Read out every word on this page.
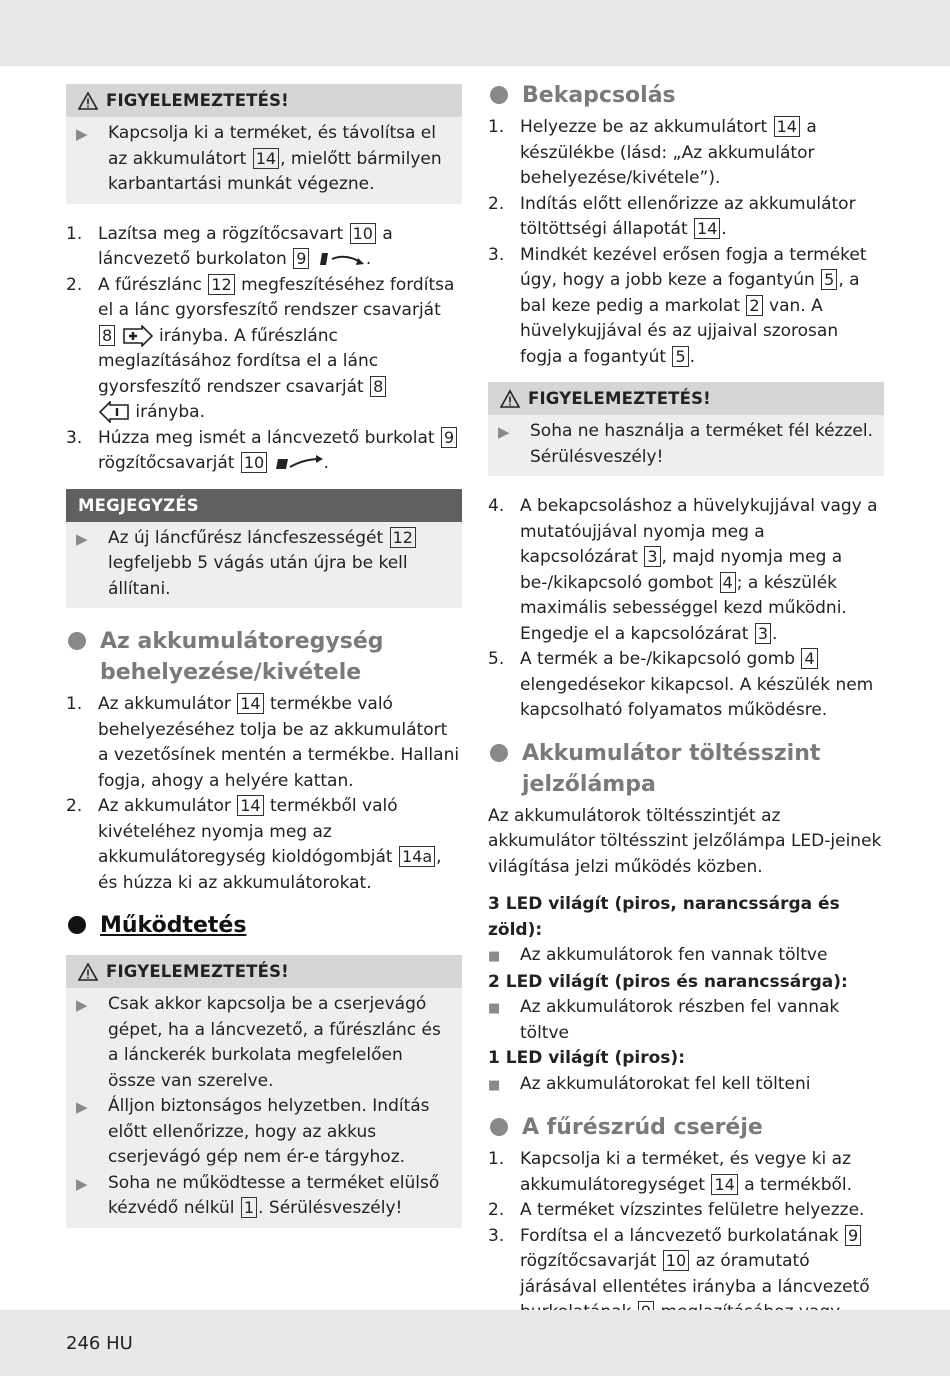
FIGYELEMEZTETÉS!
▶	Kapcsolja ki a terméket, és távolítsa el az akkumulátort 14 , mielőtt bármilyen karbantartási munkát végezne.
1. Lazítsa meg a rögzítőcsavart 10 a láncvezető burkolaton 9	.
2. A fűrészlánc 12 megfeszítéséhez fordítsa el a lánc gyorsfeszítő rendszer csavarját 8  irányba. A fűrészlánc meglazításához fordítsa el a lánc gyorsfeszítő rendszer csavarját 8
irányba.
3. Húzza meg ismét a láncvezető burkolat 9 rögzítőcsavarját 10	.
MEGJEGYZÉS
▶	Az új láncfűrész láncfeszességét 12 legfeljebb 5 vágás után újra be kell állítani.
Az akkumulátoregység behelyezése/kivétele
1. Az akkumulátor 14 termékbe való behelyezéséhez tolja be az akkumulátort a vezetősínek mentén a termékbe. Hallani fogja, ahogy a helyére kattan.
2. Az akkumulátor 14 termékből való kivételéhez nyomja meg az akkumulátoregység kioldógombját 14a , és húzza ki az akkumulátorokat.
Működtetés
FIGYELEMEZTETÉS!
▶	Csak akkor kapcsolja be a cserjevágó gépet, ha a láncvezető, a fűrészlánc és a lánckerék burkolata megfelelően össze van szerelve.
▶	Álljon biztonságos helyzetben. Indítás előtt ellenőrizze, hogy az akkus cserjevágó gép nem ér-e tárgyhoz.
▶	Soha ne működtesse a terméket elülső kézvédő nélkül 1 . Sérülésveszély!
Bekapcsolás
1. Helyezze be az akkumulátort 14 a készülékbe (lásd: „Az akkumulátor behelyezése/kivétele”).
2. Indítás előtt ellenőrizze az akkumulátor töltöttségi állapotát 14 .
3. Mindkét kezével erősen fogja a terméket úgy, hogy a jobb keze a fogantyún 5 , a bal keze pedig a markolat 2 van. A hüvelykujjával és az ujjaival szorosan fogja a fogantyút 5 .
FIGYELEMEZTETÉS!
▶	Soha ne használja a terméket fél kézzel. Sérülésveszély!
4. A bekapcsoláshoz a hüvelykujjával vagy a mutatóujjával nyomja meg a kapcsolózárat 3 , majd nyomja meg a be-/kikapcsoló gombot 4 ; a készülék maximális sebességgel kezd működni. Engedje el a kapcsolózárat 3 .
5. A termék a be-/kikapcsoló gomb 4 elengedésekor kikapcsol. A készülék nem kapcsolható folyamatos működésre.
Akkumulátor töltésszint jelzőlámpa

Az akkumulátorok töltésszintjét az akkumulátor töltésszint jelzőlámpa LED-jeinek világítása jelzi működés közben.

3 LED világít (piros, narancssárga és zöld):
■	Az akkumulátorok fen vannak töltve
2 LED világít (piros és narancssárga):
■	Az akkumulátorok részben fel vannak töltve
1 LED világít (piros):
■	Az akkumulátorokat fel kell tölteni
A fűrészrúd cseréje
1. Kapcsolja ki a terméket, és vegye ki az akkumulátoregységet 14 a termékből.
2. A terméket vízszintes felületre helyezze.
3. Fordítsa el a láncvezető burkolatának 9 rögzítőcsavarját 10 az óramutató járásával ellentétes irányba a láncvezető
246 HU
